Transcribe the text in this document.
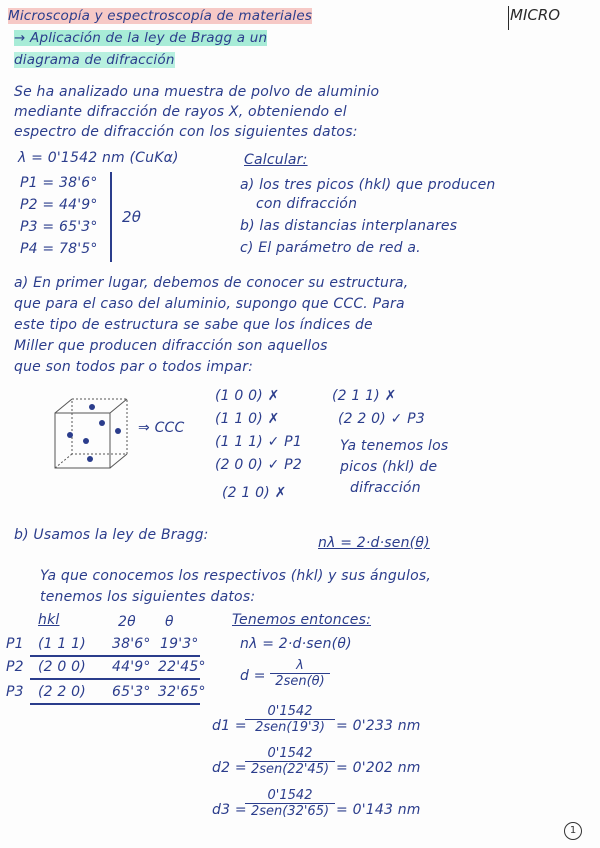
Microscopía y espectroscopía de materiales	MICRO
→ Aplicación de la ley de Bragg a un
diagrama de difracción
Se ha analizado una muestra de polvo de aluminio
mediante difracción de rayos X, obteniendo el
espectro de difracción con los siguientes datos:
λ = 0'1542 nm (CuKα)
P1 = 38'6°
P2 = 44'9°
P3 = 65'3°
P4 = 78'5°
2θ
Calcular:
a) los tres picos (hkl) que producen
con difracción
b) las distancias interplanares
c) El parámetro de red a.
a) En primer lugar, debemos de conocer su estructura,
que para el caso del aluminio, supongo que CCC. Para
este tipo de estructura se sabe que los índices de
Miller que producen difracción son aquellos
que son todos par o todos impar:
⇒ CCC
(1 0 0) ✗
(1 1 0) ✗
(1 1 1) ✓ P1
(2 0 0) ✓ P2
(2 1 0) ✗
(2 1 1) ✗
(2 2 0) ✓ P3
Ya tenemos los
picos (hkl) de
difracción
b) Usamos la ley de Bragg:	nλ = 2·d·sen(θ)
Ya que conocemos los respectivos (hkl) y sus ángulos,
tenemos los siguientes datos:
hkl	2θ θ
P1 (1 1 1) 38'6° 19'3°
P2 (2 0 0) 44'9° 22'45°
P3 (2 2 0) 65'3° 32'65°
Tenemos entonces:
nλ = 2·d·sen(θ)
d =
λ
2sen(θ)
d1 =
0'1542
2sen(19'3) = 0'233 nm
d2 =
0'1542
2sen(22'45) = 0'202 nm
d3 =
0'1542
2sen(32'65) = 0'143 nm
1
